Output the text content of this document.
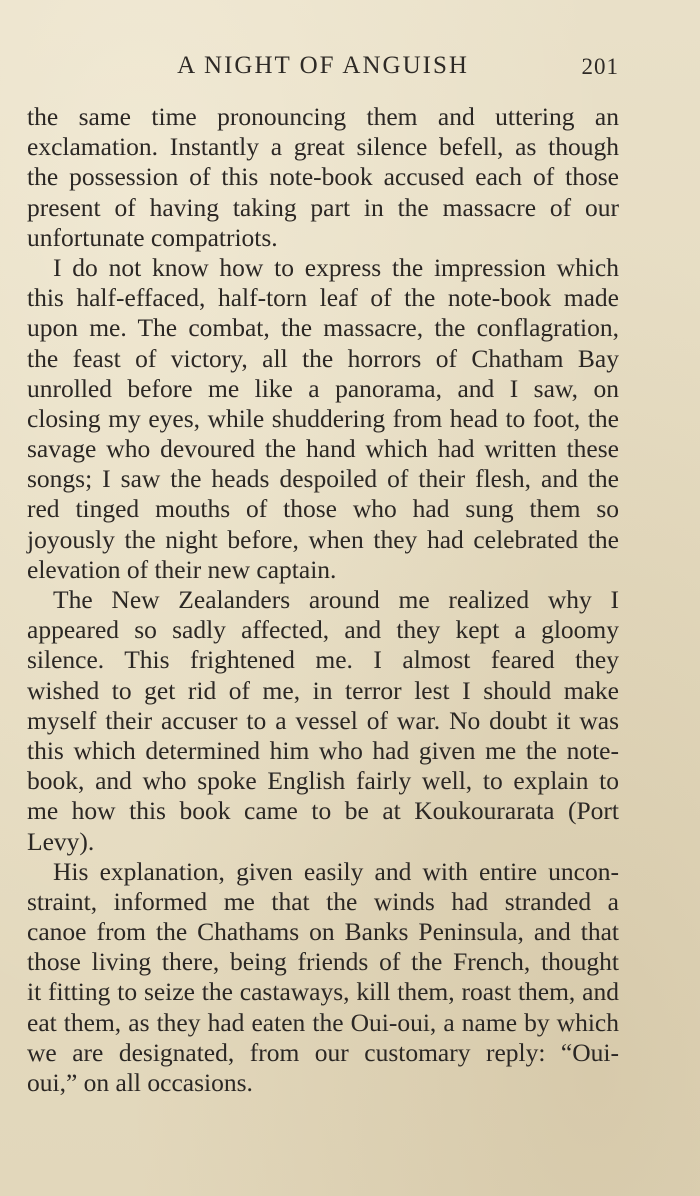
A NIGHT OF ANGUISH	201
the same time pronouncing them and uttering an
exclamation. Instantly a great silence befell, as though
the possession of this note-book accused each of those
present of having taking part in the massacre of our
unfortunate compatriots.
I do not know how to express the impression which
this half-effaced, half-torn leaf of the note-book made
upon me. The combat, the massacre, the conflagration,
the feast of victory, all the horrors of Chatham Bay
unrolled before me like a panorama, and I saw, on
closing my eyes, while shuddering from head to foot, the
savage who devoured the hand which had written these
songs; I saw the heads despoiled of their flesh, and the
red tinged mouths of those who had sung them so
joyously the night before, when they had celebrated the
elevation of their new captain.
The New Zealanders around me realized why I
appeared so sadly affected, and they kept a gloomy
silence. This frightened me. I almost feared they
wished to get rid of me, in terror lest I should make
myself their accuser to a vessel of war. No doubt it was
this which determined him who had given me the note-
book, and who spoke English fairly well, to explain to
me how this book came to be at Koukourarata (Port
Levy).
His explanation, given easily and with entire uncon-
straint, informed me that the winds had stranded a
canoe from the Chathams on Banks Peninsula, and that
those living there, being friends of the French, thought
it fitting to seize the castaways, kill them, roast them, and
eat them, as they had eaten the Oui-oui, a name by which
we are designated, from our customary reply: “Oui-
oui,” on all occasions.
